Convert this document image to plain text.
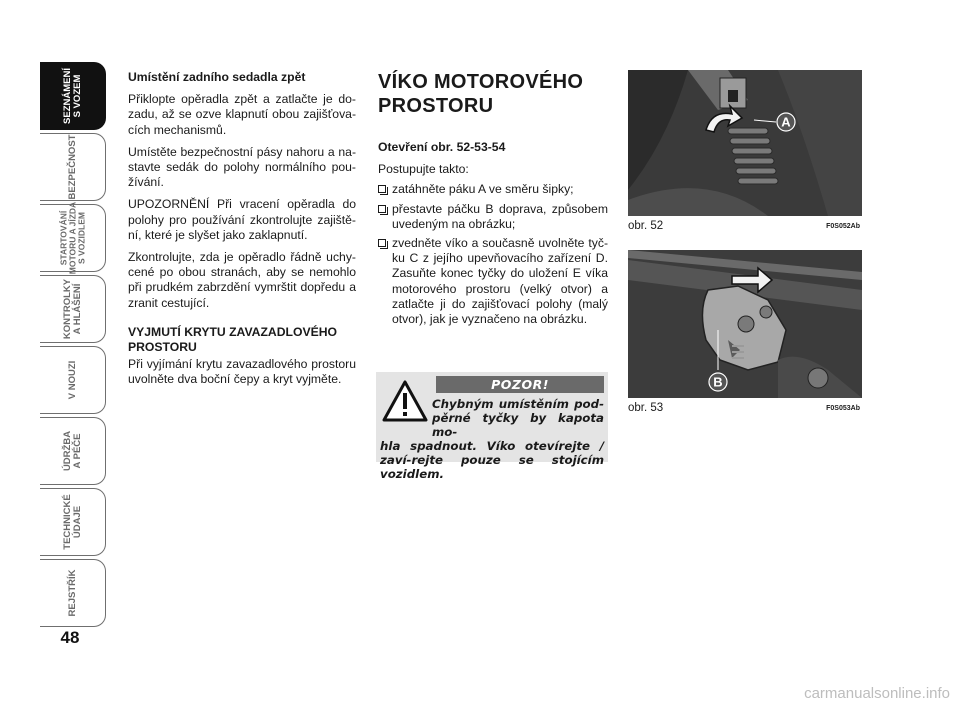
SEZNÁMENÍ
S VOZEM
BEZPEČNOST
STARTOVÁNÍ
MOTORU A JÍZDA
S VOZIDLEM
KONTROLKY
A HLÁŠENÍ
V NOUZI
ÚDRŽBA
A PÉČE
TECHNICKÉ
ÚDAJE
REJSTŘÍK
48
Umístění zadního sedadla zpět

Přiklopte opěradla zpět a zatlačte je do-zadu, až se ozve klapnutí obou zajišťova-cích mechanismů.

Umístěte bezpečnostní pásy nahoru a na-stavte sedák do polohy normálního pou-žívání.

UPOZORNĚNÍ Při vracení opěradla do polohy pro používání zkontrolujte zajiště-ní, které je slyšet jako zaklapnutí.

Zkontrolujte, zda je opěradlo řádně uchy-cené po obou stranách, aby se nemohlo při prudkém zabrzdění vymrštit dopředu a zranit cestující.

VYJMUTÍ KRYTU ZAVAZADLOVÉHO PROSTORU

Při vyjímání krytu zavazadlového prostoru uvolněte dva boční čepy a kryt vyjměte.

VÍKO MOTOROVÉHO PROSTORU
Otevření obr. 52-53-54

Postupujte takto:

zatáhněte páku A ve směru šipky;
přestavte páčku B doprava, způsobem uvedeným na obrázku;
zvedněte víko a současně uvolněte tyč-ku C z jejího upevňovacího zařízení D. Zasuňte konec tyčky do uložení E víka motorového prostoru (velký otvor) a zatlačte ji do zajišťovací polohy (malý otvor), jak je vyznačeno na obrázku.
POZOR!
Chybným umístěním pod-pěrné tyčky by kapota mo-
hla spadnout. Víko otevírejte / zaví-rejte pouze se stojícím vozidlem.
A
obr. 52	F0S052Ab
B
obr. 53	F0S053Ab
carmanualsonline.info
